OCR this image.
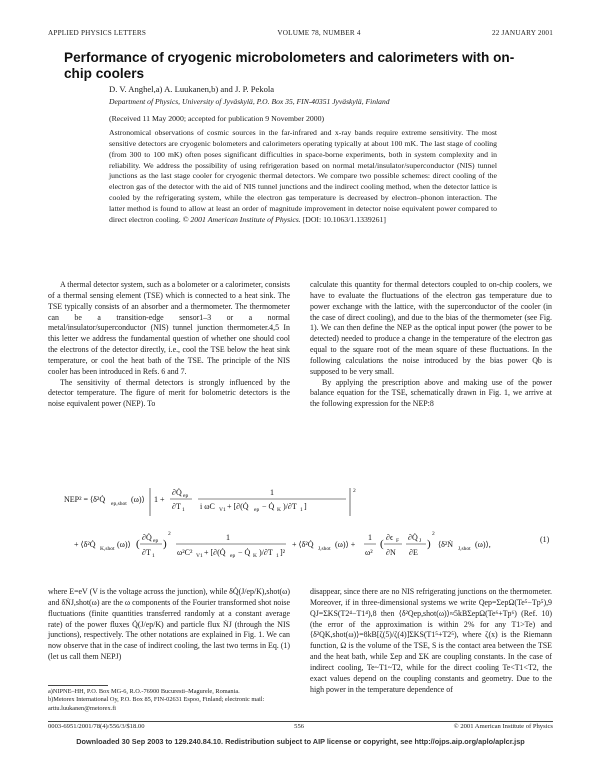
APPLIED PHYSICS LETTERS	VOLUME 78, NUMBER 4	22 JANUARY 2001
Performance of cryogenic microbolometers and calorimeters with on-chip coolers
D. V. Anghel,a) A. Luukanen,b) and J. P. Pekola
Department of Physics, University of Jyväskylä, P.O. Box 35, FIN-40351 Jyväskylä, Finland
(Received 11 May 2000; accepted for publication 9 November 2000)
Astronomical observations of cosmic sources in the far-infrared and x-ray bands require extreme sensitivity. The most sensitive detectors are cryogenic bolometers and calorimeters operating typically at about 100 mK. The last stage of cooling (from 300 to 100 mK) often poses significant difficulties in space-borne experiments, both in system complexity and in reliability. We address the possibility of using refrigeration based on normal metal/insulator/superconductor (NIS) tunnel junctions as the last stage cooler for cryogenic thermal detectors. We compare two possible schemes: direct cooling of the electron gas of the detector with the aid of NIS tunnel junctions and the indirect cooling method, when the detector lattice is cooled by the refrigerating system, while the electron gas temperature is decreased by electron–phonon interaction. The latter method is found to allow at least an order of magnitude improvement in detector noise equivalent power compared to direct electron cooling. © 2001 American Institute of Physics. [DOI: 10.1063/1.1339261]

A thermal detector system, such as a bolometer or a calorimeter, consists of a thermal sensing element (TSE) which is connected to a heat sink. The TSE typically consists of an absorber and a thermometer. The thermometer can be a transition-edge sensor1–3 or a normal metal/insulator/superconductor (NIS) tunnel junction thermometer.4,5 In this letter we address the fundamental question of whether one should cool the electrons of the detector directly, i.e., cool the TSE below the heat sink temperature, or cool the heat bath of the TSE. The principle of the NIS cooler has been introduced in Refs. 6 and 7.

The sensitivity of thermal detectors is strongly influenced by the detector temperature. The figure of merit for bolometric detectors is the noise equivalent power (NEP). To

calculate this quantity for thermal detectors coupled to on-chip coolers, we have to evaluate the fluctuations of the electron gas temperature due to power exchange with the lattice, with the superconductor of the cooler (in the case of direct cooling), and due to the bias of the thermometer (see Fig. 1). We can then define the NEP as the optical input power (the power to be detected) needed to produce a change in the temperature of the electron gas equal to the square root of the mean square of these fluctuations. In the following calculations the noise introduced by the bias power Qb is supposed to be very small.

By applying the prescription above and making use of the power balance equation for the TSE, schematically drawn in Fig. 1, we arrive at the following expression for the NEP:8

NEP² = ⟨δ²Q̇ ep,shot (ω)⟩ 1 +
∂Q̇ ep
∂T 1
1
i ωC V1 + [∂(Q̇ ep − Q̇ K )/∂T 1 ]
2
+ ⟨δ²Q̇ K,shot (ω)⟩ (
∂Q̇ ep
∂T 1
)
2	1
ω²C² V1 + [∂(Q̇ ep − Q̇ K )/∂T 1 ]²
+ ⟨δ²Q̇ J,shot (ω)⟩ +
1
ω²
(
∂ϵ F
∂N
∂Q̇ J
∂E
)
2
⟨δ²Ṅ J,shot (ω)⟩,
(1)

where E=eV (V is the voltage across the junction), while δQ̇(J/ep/K),shot(ω) and δṄJ,shot(ω) are the ω components of the Fourier transformed shot noise fluctuations (finite quantities transferred randomly at a constant average rate) of the power fluxes Q̇(J/ep/K) and particle flux ṄJ (through the NIS junctions), respectively. The other notations are explained in Fig. 1. We can now observe that in the case of indirect cooling, the last two terms in Eq. (1) (let us call them NEPJ)

disappear, since there are no NIS refrigerating junctions on the thermometer. Moreover, if in three-dimensional systems we write Qep=ΣepΩ(Te⁵−Tp⁵),9 QJ=ΣKS(T2⁴−T1⁴),8 then ⟨δ²Qep,shot(ω)⟩≈5kBΣepΩ(Te⁶+Tp⁶) (Ref. 10) (the error of the approximation is within 2% for any T1>Te) and ⟨δ²QK,shot(ω)⟩=8kB[ζ(5)/ζ(4)]ΣKS(T1⁵+T2⁵), where ζ(x) is the Riemann function, Ω is the volume of the TSE, S is the contact area between the TSE and the heat bath, while Σep and ΣK are coupling constants. In the case of indirect cooling, Te~T1~T2, while for the direct cooling Te<T1<T2, the exact values depend on the coupling constants and geometry. Due to the high power in the temperature dependence of

a)NIPNE–HH, P.O. Box MG-6, R.O.-76900 Bucuresti–Magurele, Romania.
b)Metorex International Oy, P.O. Box 85, FIN-02631 Espoo, Finland; electronic mail: arttu.luukanen@metorex.fi
0003-6951/2001/78(4)/556/3/$18.00	556	© 2001 American Institute of Physics
Downloaded 30 Sep 2003 to 129.240.84.10. Redistribution subject to AIP license or copyright, see http://ojps.aip.org/aplo/aplcr.jsp
